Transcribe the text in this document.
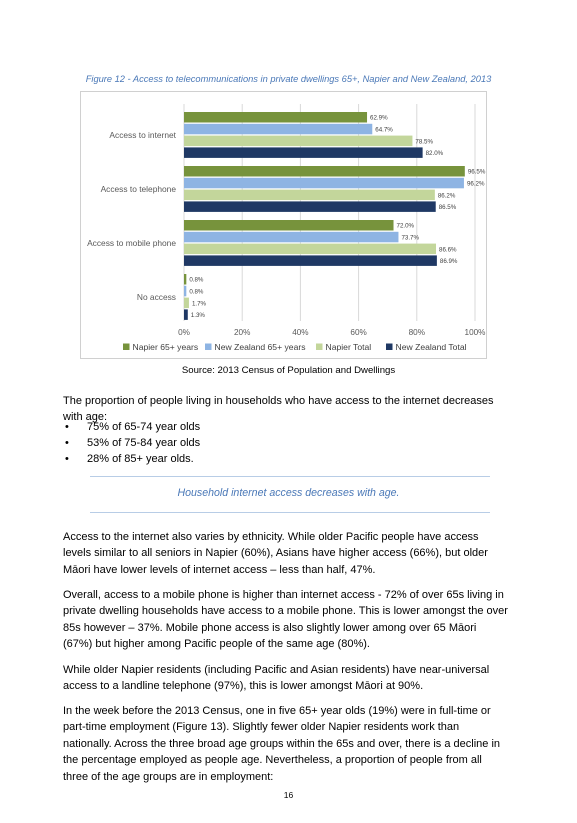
Figure 12 - Access to telecommunications in private dwellings 65+, Napier and New Zealand, 2013
0%	20%	40%	60%	80%	100%
Access to internet
Access to telephone
Access to mobile phone
No access
62.9%
96.5%
72.0%
0.8%
64.7%
96.2%
73.7%
0.8%
78.5%
86.2%
86.6%
1.7%
82.0%
86.5%
86.9%
1.3%
Napier 65+ years New Zealand 65+ years Napier Total	New Zealand Total
Source: 2013 Census of Population and Dwellings

The proportion of people living in households who have access to the internet decreases with age:

• 75% of 65-74 year olds
• 53% of 75-84 year olds
• 28% of 85+ year olds.
Household internet access decreases with age.

Access to the internet also varies by ethnicity. While older Pacific people have access levels similar to all seniors in Napier (60%), Asians have higher access (66%), but older Māori have lower levels of internet access – less than half, 47%.

Overall, access to a mobile phone is higher than internet access - 72% of over 65s living in private dwelling households have access to a mobile phone. This is lower amongst the over 85s however – 37%. Mobile phone access is also slightly lower among over 65 Māori (67%) but higher among Pacific people of the same age (80%).

While older Napier residents (including Pacific and Asian residents) have near-universal access to a landline telephone (97%), this is lower amongst Māori at 90%.

In the week before the 2013 Census, one in five 65+ year olds (19%) were in full-time or part-time employment (Figure 13). Slightly fewer older Napier residents work than nationally. Across the three broad age groups within the 65s and over, there is a decline in the percentage employed as people age. Nevertheless, a proportion of people from all three of the age groups are in employment:

16
